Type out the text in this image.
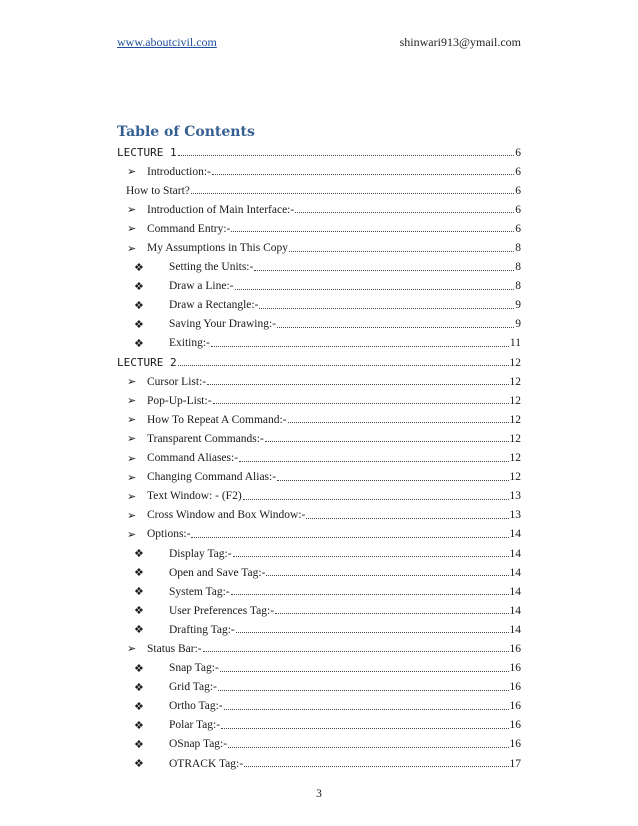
www.aboutcivil.com	shinwari913@ymail.com
Table of Contents
LECTURE 1	6
➢ Introduction:-	6
How to Start?	6
➢ Introduction of Main Interface:-	6
➢ Command Entry:-	6
➢ My Assumptions in This Copy	8
❖	Setting the Units:-	8
❖	Draw a Line:-	8
❖	Draw a Rectangle:-	9
❖	Saving Your Drawing:-	9
❖	Exiting:-	11
LECTURE 2	12
➢ Cursor List:-	12
➢ Pop-Up-List:-	12
➢ How To Repeat A Command:-	12
➢ Transparent Commands:-	12
➢ Command Aliases:-	12
➢ Changing Command Alias:-	12
➢ Text Window: - (F2)	13
➢ Cross Window and Box Window:-	13
➢ Options:-	14
❖	Display Tag:-	14
❖	Open and Save Tag:-	14
❖	System Tag:-	14
❖	User Preferences Tag:-	14
❖	Drafting Tag:-	14
➢ Status Bar:-	16
❖	Snap Tag:-	16
❖	Grid Tag:-	16
❖	Ortho Tag:-	16
❖	Polar Tag:-	16
❖	OSnap Tag:-	16
❖	OTRACK Tag:-	17
3
